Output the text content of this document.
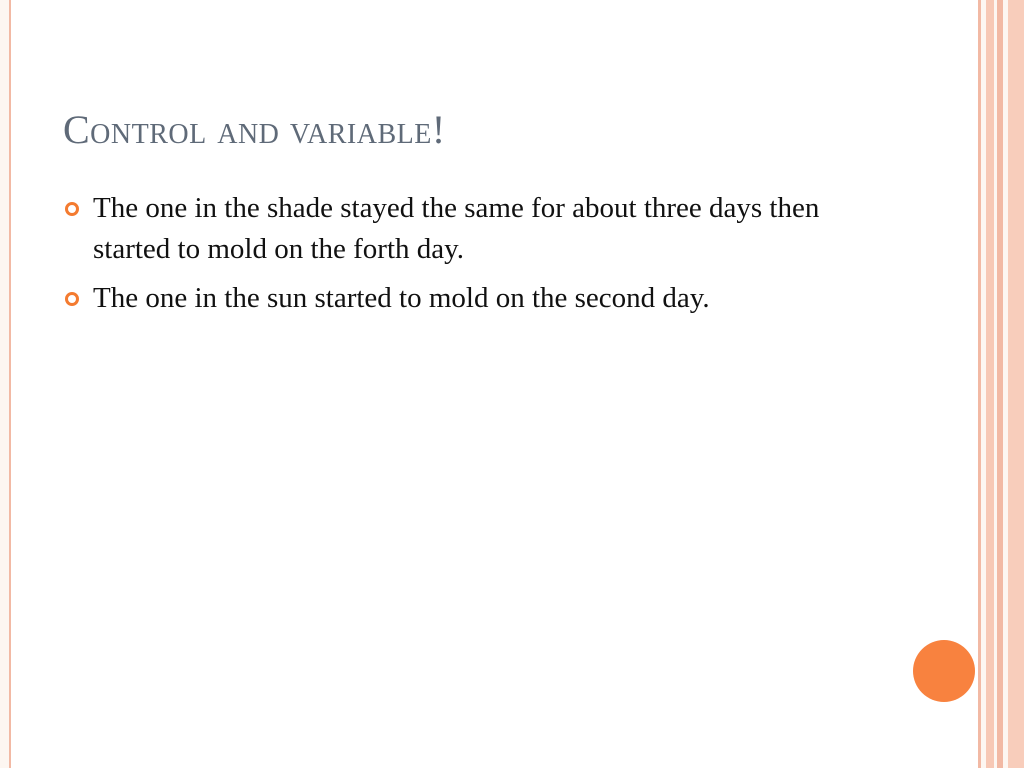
Control and variable!
The one in the shade stayed the same for about three days then started to mold on the forth day.
The one in the sun started to mold on the second day.
